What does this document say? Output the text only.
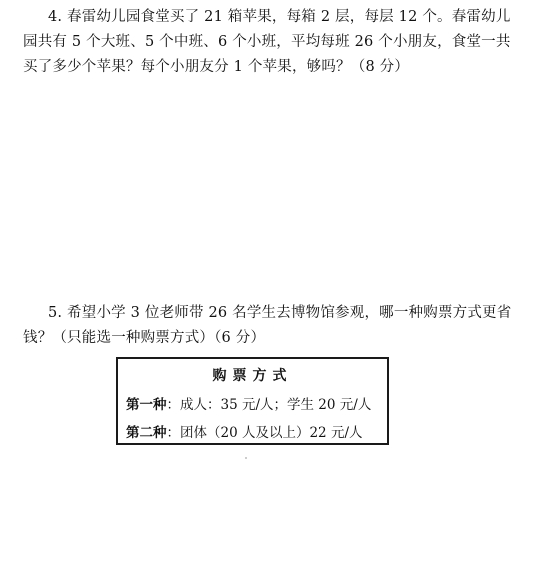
4. 春雷幼儿园食堂买了 21 箱苹果，每箱 2 层，每层 12 个。春雷幼儿
园共有 5 个大班、5 个中班、6 个小班，平均每班 26 个小朋友，食堂一共
买了多少个苹果？每个小朋友分 1 个苹果，够吗？（8 分）
5. 希望小学 3 位老师带 26 名学生去博物馆参观，哪一种购票方式更省
钱？（只能选一种购票方式）（6 分）
购票方式
第一种：成人：35 元/人；学生 20 元/人
第二种：团体（20 人及以上）22 元/人
